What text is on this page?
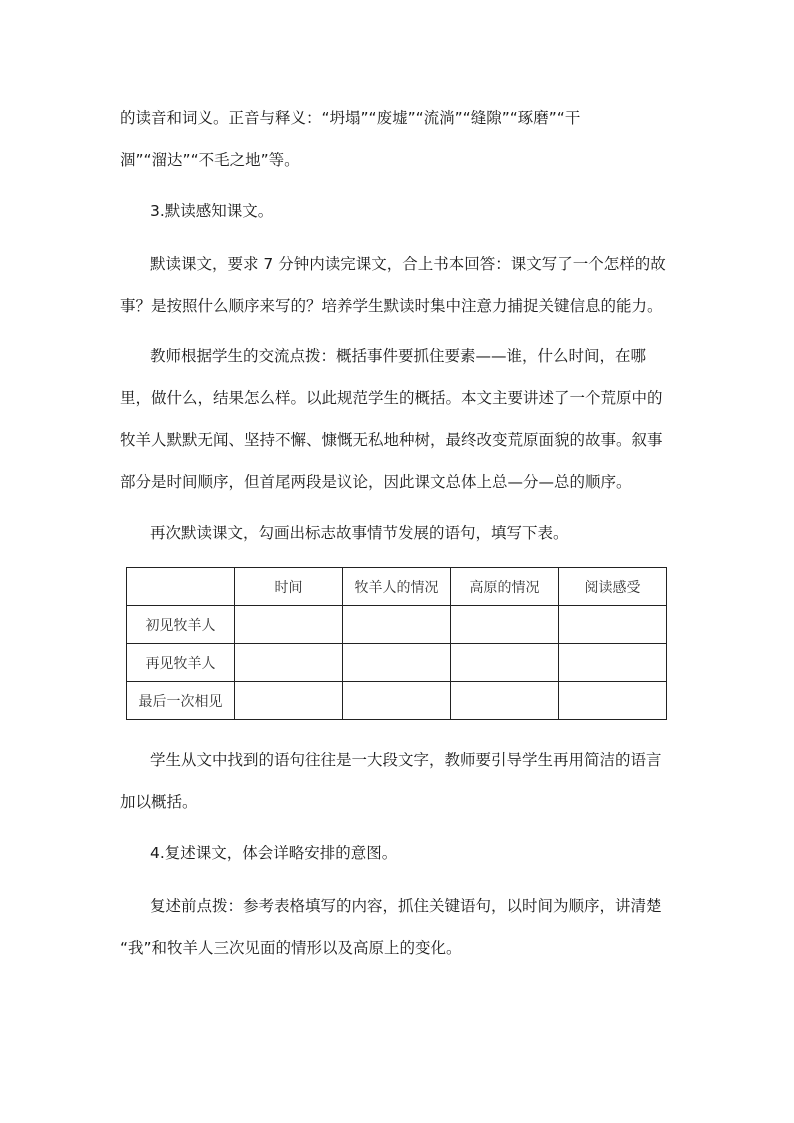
的读音和词义。正音与释义：“坍塌”“废墟”“流淌”“缝隙”“琢磨”“干
涸”“溜达”“不毛之地”等。
3.默读感知课文。
默读课文，要求 7 分钟内读完课文，合上书本回答：课文写了一个怎样的故
事？是按照什么顺序来写的？培养学生默读时集中注意力捕捉关键信息的能力。
教师根据学生的交流点拨：概括事件要抓住要素——谁，什么时间，在哪
里，做什么，结果怎么样。以此规范学生的概括。本文主要讲述了一个荒原中的
牧羊人默默无闻、坚持不懈、慷慨无私地种树，最终改变荒原面貌的故事。叙事
部分是时间顺序，但首尾两段是议论，因此课文总体上总—分—总的顺序。
再次默读课文，勾画出标志故事情节发展的语句，填写下表。
	时间	牧羊人的情况	高原的情况	阅读感受
初见牧羊人				
再见牧羊人				
最后一次相见				
学生从文中找到的语句往往是一大段文字，教师要引导学生再用简洁的语言
加以概括。
4.复述课文，体会详略安排的意图。
复述前点拨：参考表格填写的内容，抓住关键语句，以时间为顺序，讲清楚
“我”和牧羊人三次见面的情形以及高原上的变化。
